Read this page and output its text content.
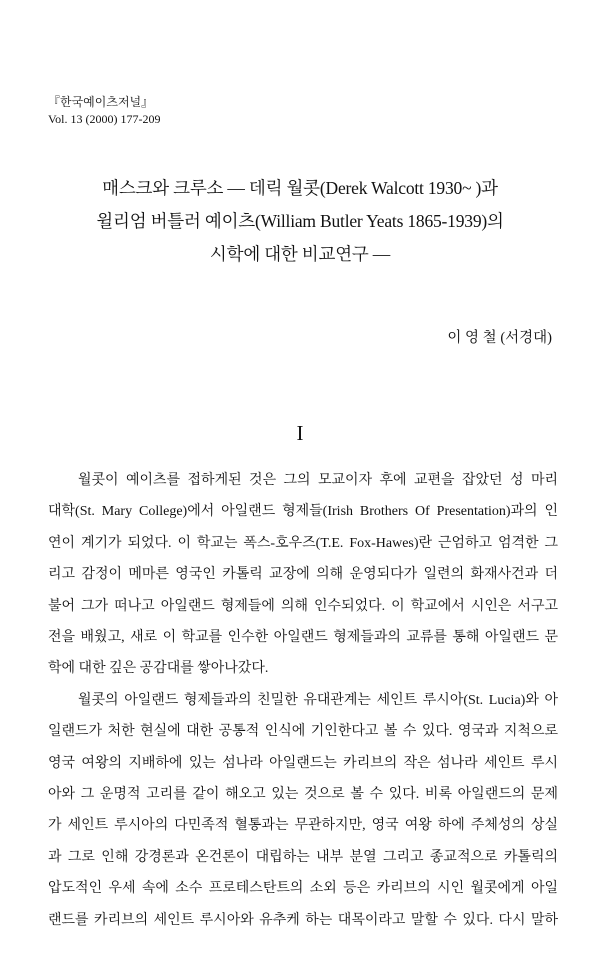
『한국예이츠저널』
Vol. 13 (2000) 177-209
매스크와 크루소 — 데릭 월콧(Derek Walcott 1930~ )과
윌리엄 버틀러 예이츠(William Butler Yeats 1865-1939)의
시학에 대한 비교연구 —
이 영 철 (서경대)
I
월콧이 예이츠를 접하게된 것은 그의 모교이자 후에 교편을 잡았던 성 마리
대학(St. Mary College)에서 아일랜드 형제들(Irish Brothers Of Presentation)과의 인
연이 계기가 되었다. 이 학교는 폭스-호우즈(T.E. Fox-Hawes)란 근엄하고 엄격한 그
리고 감정이 메마른 영국인 카톨릭 교장에 의해 운영되다가 일련의 화재사건과 더
불어 그가 떠나고 아일랜드 형제들에 의해 인수되었다. 이 학교에서 시인은 서구고
전을 배웠고, 새로 이 학교를 인수한 아일랜드 형제들과의 교류를 통해 아일랜드 문
학에 대한 깊은 공감대를 쌓아나갔다.
월콧의 아일랜드 형제들과의 친밀한 유대관계는 세인트 루시아(St. Lucia)와 아
일랜드가 처한 현실에 대한 공통적 인식에 기인한다고 볼 수 있다. 영국과 지척으로
영국 여왕의 지배하에 있는 섬나라 아일랜드는 카리브의 작은 섬나라 세인트 루시
아와 그 운명적 고리를 같이 해오고 있는 것으로 볼 수 있다. 비록 아일랜드의 문제
가 세인트 루시아의 다민족적 혈통과는 무관하지만, 영국 여왕 하에 주체성의 상실
과 그로 인해 강경론과 온건론이 대립하는 내부 분열 그리고 종교적으로 카톨릭의
압도적인 우세 속에 소수 프로테스탄트의 소외 등은 카리브의 시인 월콧에게 아일
랜드를 카리브의 세인트 루시아와 유추케 하는 대목이라고 말할 수 있다. 다시 말하
